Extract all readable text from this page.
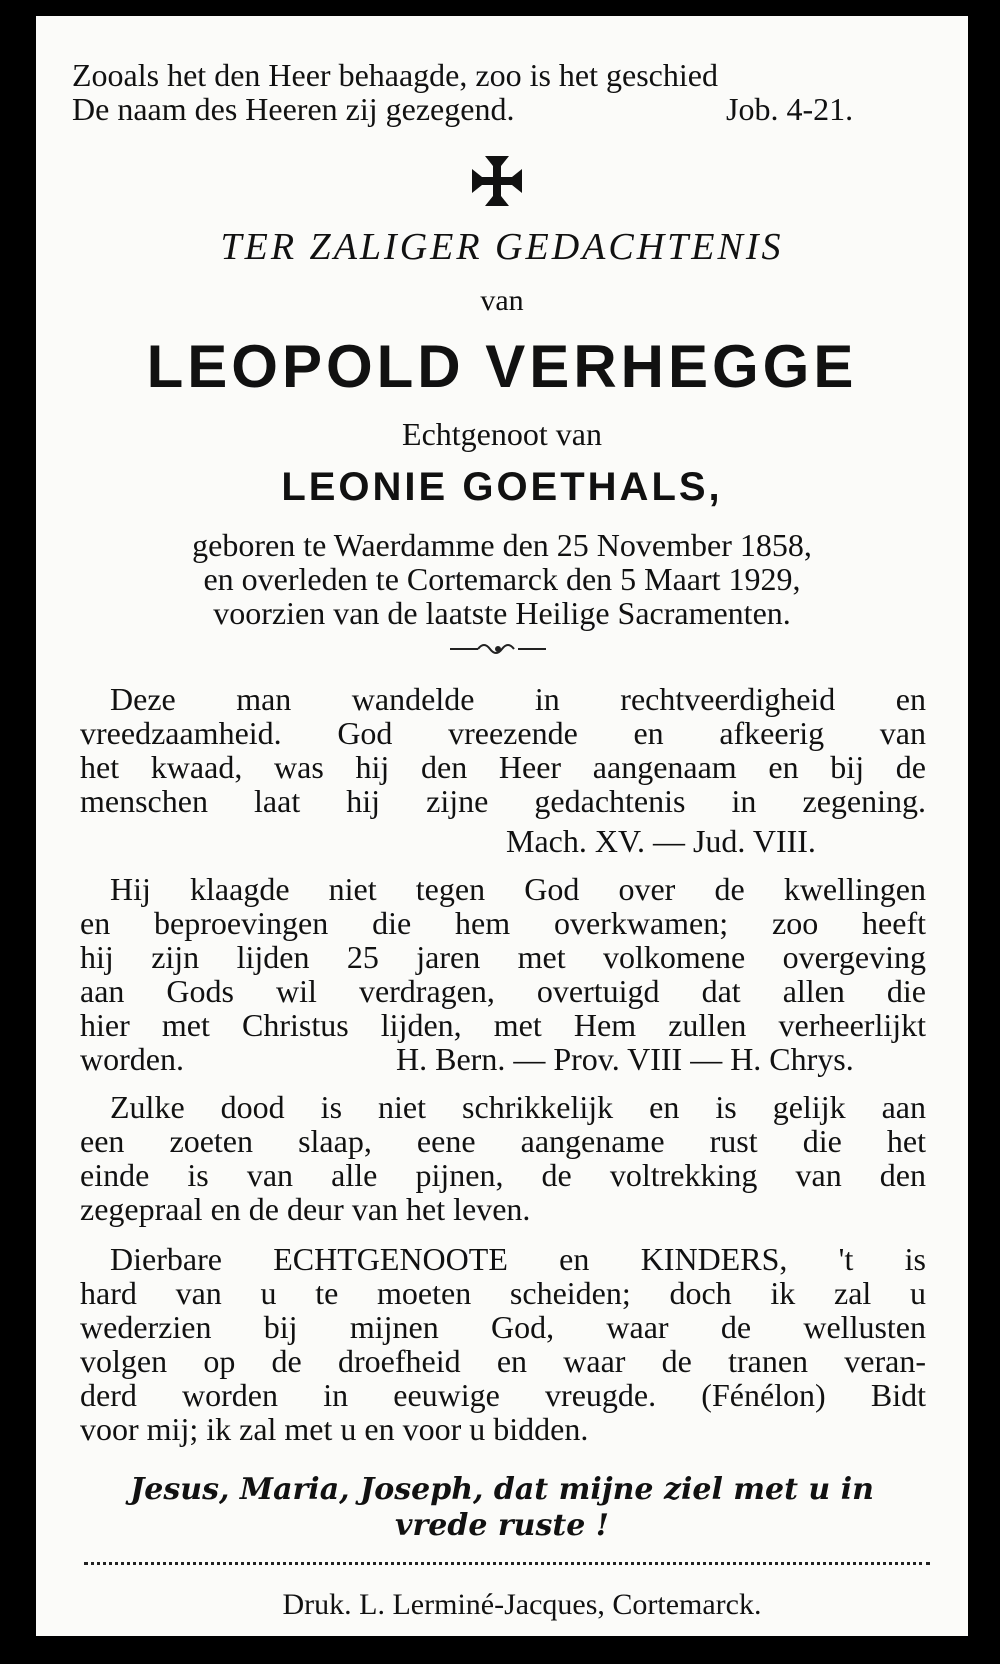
Zooals het den Heer behaagde, zoo is het geschied
De naam des Heeren zij gezegend.	Job. 4-21.
TER ZALIGER GEDACHTENIS
van
LEOPOLD VERHEGGE
Echtgenoot van
LEONIE GOETHALS,
geboren te Waerdamme den 25 November 1858,
en overleden te Cortemarck den 5 Maart 1929,
voorzien van de laatste Heilige Sacramenten.
Deze man wandelde in rechtveerdigheid en
vreedzaamheid. God vreezende en afkeerig van
het kwaad, was hij den Heer aangenaam en bij de
menschen laat hij zijne gedachtenis in zegening.
Mach. XV. — Jud. VIII.
Hij klaagde niet tegen God over de kwellingen
en beproevingen die hem overkwamen; zoo heeft
hij zijn lijden 25 jaren met volkomene overgeving
aan Gods wil verdragen, overtuigd dat allen die
hier met Christus lijden, met Hem zullen verheerlijkt
worden.	H. Bern. — Prov. VIII — H. Chrys.
Zulke dood is niet schrikkelijk en is gelijk aan
een zoeten slaap, eene aangename rust die het
einde is van alle pijnen, de voltrekking van den
zegepraal en de deur van het leven.
Dierbare ECHTGENOOTE en KINDERS, 't is
hard van u te moeten scheiden; doch ik zal u
wederzien bij mijnen God, waar de wellusten
volgen op de droefheid en waar de tranen veran-
derd worden in eeuwige vreugde. (Fénélon) Bidt
voor mij; ik zal met u en voor u bidden.
Jesus, Maria, Joseph, dat mijne ziel met u in
vrede ruste !
Druk. L. Lerminé-Jacques, Cortemarck.
